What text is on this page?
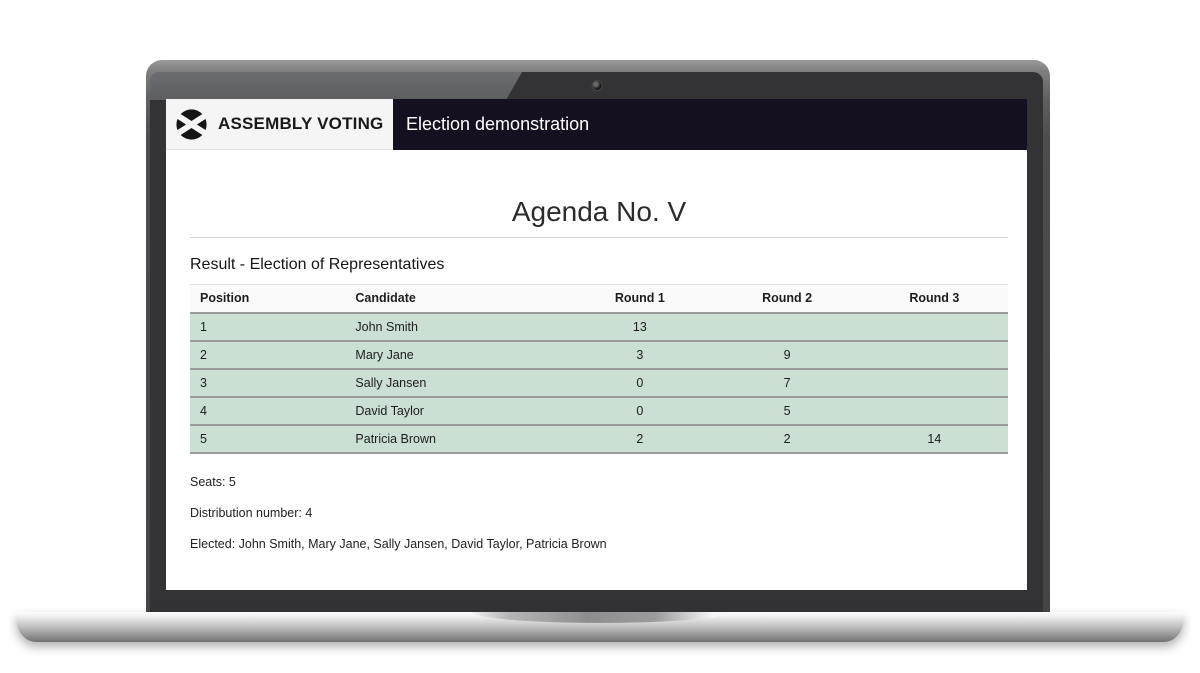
ASSEMBLY VOTING Election demonstration
Agenda No. V
Result - Election of Representatives
Position	Candidate	Round 1	Round 2	Round 3
1	John Smith	13		
2	Mary Jane	3	9	
3	Sally Jansen	0	7	
4	David Taylor	0	5	
5	Patricia Brown	2	2	14

Seats: 5

Distribution number: 4

Elected: John Smith, Mary Jane, Sally Jansen, David Taylor, Patricia Brown
